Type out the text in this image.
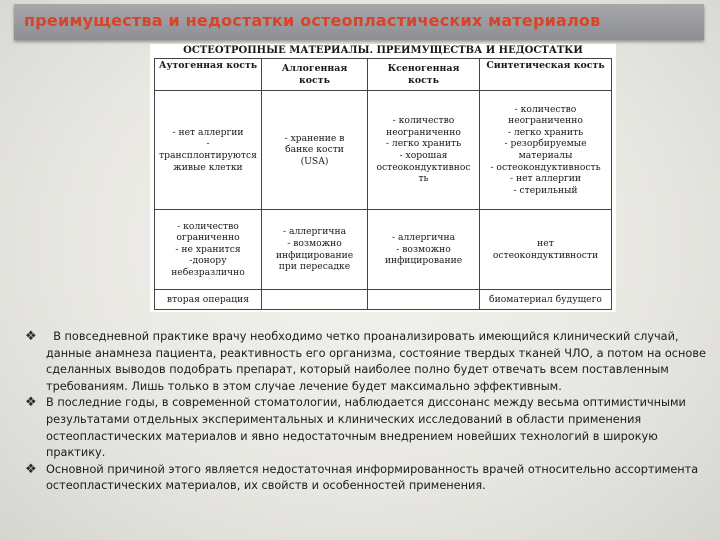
преимущества и недостатки остеопластических материалов
ОСТЕОТРОПНЫЕ МАТЕРИАЛЫ. ПРЕИМУЩЕСТВА И НЕДОСТАТКИ
Аутогенная кость	Аллогенная
кость
Ксеногенная
кость
Синтетическая кость
- нет аллергии
-
трансплонтируются
живые клетки
- хранение в
банке кости
(USA)
- количество
неограниченно
- легко хранить
- хорошая
остеокондуктивнос
ть
- количество
неограниченно
- легко хранить
- резорбируемые
материалы
- остеокондуктивность
- нет аллергии
- стерильный
- количество
ограниченно
- не хранится
-донору
небезразлично
- аллергична
- возможно
инфицирование
при пересадке
- аллергична
- возможно
инфицирование
нет
остеокондуктивности
вторая операция	биоматериал будущего

❖ В повседневной практике врачу необходимо четко проанализировать имеющийся клинический случай, данные анамнеза пациента, реактивность его организма, состояние твердых тканей ЧЛО, а потом на основе сделанных выводов подобрать препарат, который наиболее полно будет отвечать всем поставленным требованиям. Лишь только в этом случае лечение будет максимально эффективным.

❖ В последние годы, в современной стоматологии, наблюдается диссонанс между весьма оптимистичными результатами отдельных экспериментальных и клинических исследований в области применения остеопластических материалов и явно недостаточным внедрением новейших технологий в широкую практику.

❖ Основной причиной этого является недостаточная информированность врачей относительно ассортимента остеопластических материалов, их свойств и особенностей применения.
